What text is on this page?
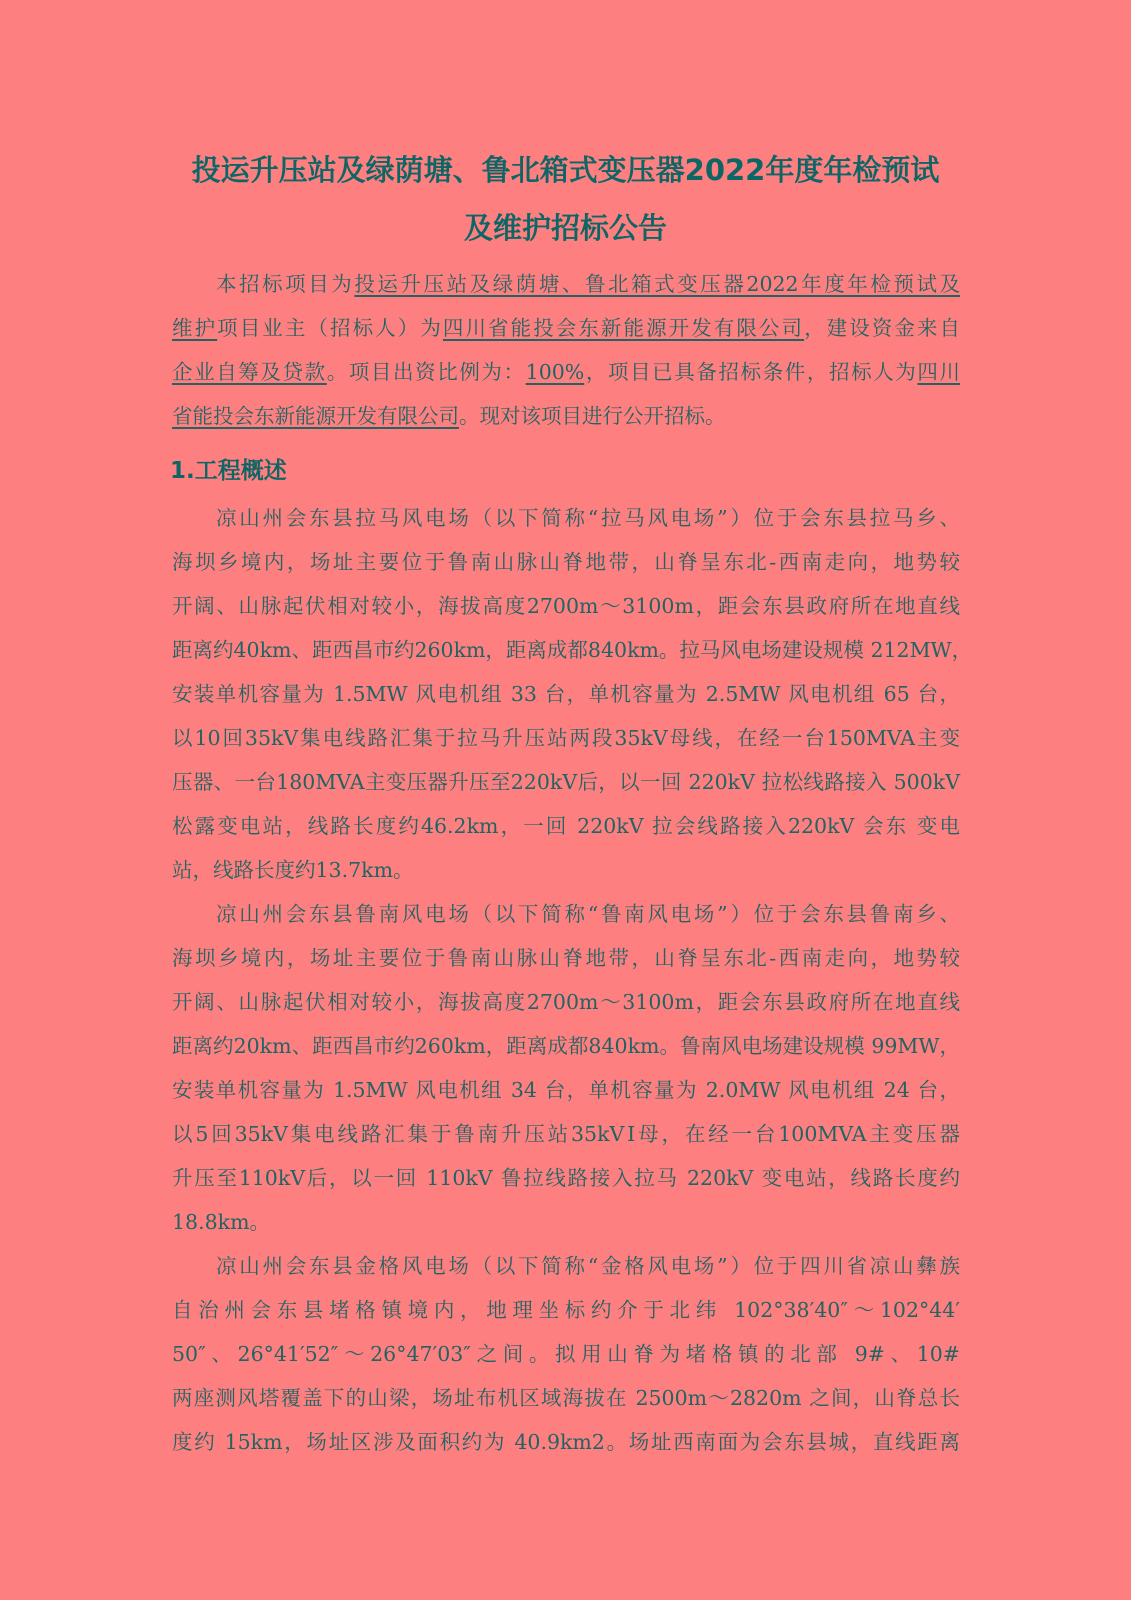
投运升压站及绿荫塘、鲁北箱式变压器2022年度年检预试
及维护招标公告
本招标项目为投运升压站及绿荫塘、鲁北箱式变压器2022年度年检预试及
维护项目业主（招标人）为四川省能投会东新能源开发有限公司，建设资金来自
企业自筹及贷款。项目出资比例为：100%，项目已具备招标条件，招标人为四川
省能投会东新能源开发有限公司。现对该项目进行公开招标。
1.工程概述
凉山州会东县拉马风电场（以下简称“拉马风电场”）位于会东县拉马乡、
海坝乡境内，场址主要位于鲁南山脉山脊地带，山脊呈东北-西南走向，地势较
开阔、山脉起伏相对较小，海拔高度2700m～3100m，距会东县政府所在地直线
距离约40km、距西昌市约260km，距离成都840km。拉马风电场建设规模 212MW，
安装单机容量为 1.5MW 风电机组 33 台，单机容量为 2.5MW 风电机组 65 台，
以10回35kV集电线路汇集于拉马升压站两段35kV母线，在经一台150MVA主变
压器、一台180MVA主变压器升压至220kV后，以一回 220kV 拉松线路接入 500kV
松露变电站，线路长度约46.2km，一回 220kV 拉会线路接入220kV 会东 变电
站，线路长度约13.7km。
凉山州会东县鲁南风电场（以下简称“鲁南风电场”）位于会东县鲁南乡、
海坝乡境内，场址主要位于鲁南山脉山脊地带，山脊呈东北-西南走向，地势较
开阔、山脉起伏相对较小，海拔高度2700m～3100m，距会东县政府所在地直线
距离约20km、距西昌市约260km，距离成都840km。鲁南风电场建设规模 99MW，
安装单机容量为 1.5MW 风电机组 34 台，单机容量为 2.0MW 风电机组 24 台，
以5回35kV集电线路汇集于鲁南升压站35kVⅠ母，在经一台100MVA主变压器
升压至110kV后，以一回 110kV 鲁拉线路接入拉马 220kV 变电站，线路长度约
18.8km。
凉山州会东县金格风电场（以下简称“金格风电场”）位于四川省凉山彝族
自治州会东县堵格镇境内，地理坐标约介于北纬 102°38′40″～102°44′
50″、26°41′52″～26°47′03″之间。拟用山脊为堵格镇的北部 9#、10#
两座测风塔覆盖下的山梁，场址布机区域海拔在 2500m～2820m 之间，山脊总长
度约 15km，场址区涉及面积约为 40.9km2。场址西南面为会东县城，直线距离
